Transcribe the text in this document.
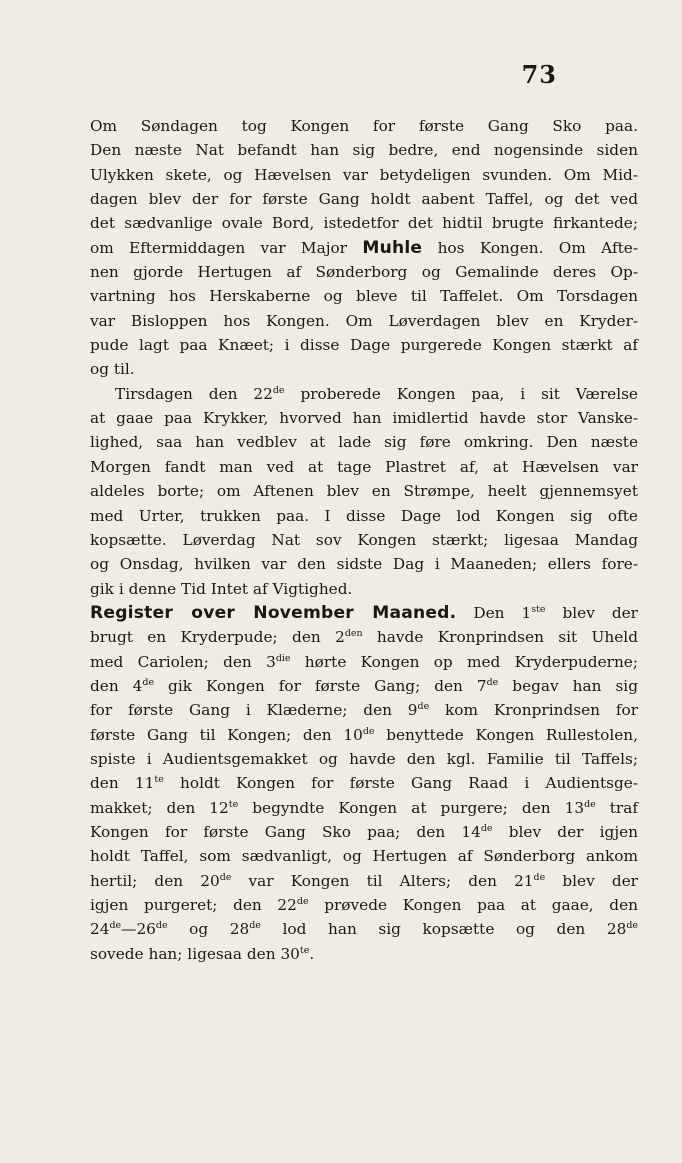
73
Om Søndagen tog Kongen for første Gang Sko paa.
Den næste Nat befandt han sig bedre, end nogensinde siden
Ulykken skete, og Hævelsen var betydeligen svunden. Om Mid-
dagen blev der for første Gang holdt aabent Taffel, og det ved
det sædvanlige ovale Bord, istedetfor det hidtil brugte firkantede;
om Eftermiddagen var Major Muhle hos Kongen. Om Afte-
nen gjorde Hertugen af Sønderborg og Gemalinde deres Op-
vartning hos Herskaberne og bleve til Taffelet. Om Torsdagen
var Bisloppen hos Kongen. Om Løverdagen blev en Kryder-
pude lagt paa Knæet; i disse Dage purgerede Kongen stærkt af
og til.
Tirsdagen den 22de proberede Kongen paa, i sit Værelse
at gaae paa Krykker, hvorved han imidlertid havde stor Vanske-
lighed, saa han vedblev at lade sig føre omkring. Den næste
Morgen fandt man ved at tage Plastret af, at Hævelsen var
aldeles borte; om Aftenen blev en Strømpe, heelt gjennemsyet
med Urter, trukken paa. I disse Dage lod Kongen sig ofte
kopsætte. Løverdag Nat sov Kongen stærkt; ligesaa Mandag
og Onsdag, hvilken var den sidste Dag i Maaneden; ellers fore-
gik i denne Tid Intet af Vigtighed.
Register over November Maaned. Den 1ste blev der
brugt en Kryderpude; den $2^{den}$ havde Kronprindsen sit Uheld
med Cariolen; den $3^{die}$ hørte Kongen op med Kryderpuderne;
den 4de gik Kongen for første Gang; den 7de begav han sig
for første Gang i Klæderne; den 9de kom Kronprindsen for
første Gang til Kongen; den 10de benyttede Kongen Rullestolen,
spiste i Audientsgemakket og havde den kgl. Familie til Taffels;
den $11^{te}$ holdt Kongen for første Gang Raad i Audientsge-
makket; den $12^{te}$ begyndte Kongen at purgere; den 13de traf
Kongen for første Gang Sko paa; den 14de blev der igjen
holdt Taffel, som sædvanligt, og Hertugen af Sønderborg ankom
hertil; den 20de var Kongen til Alters; den 21de blev der
igjen purgeret; den 22de prøvede Kongen paa at gaae, den
24de—26de og 28de lod han sig kopsætte og den 28de
sovede han; ligesaa den $30^{te}$.
